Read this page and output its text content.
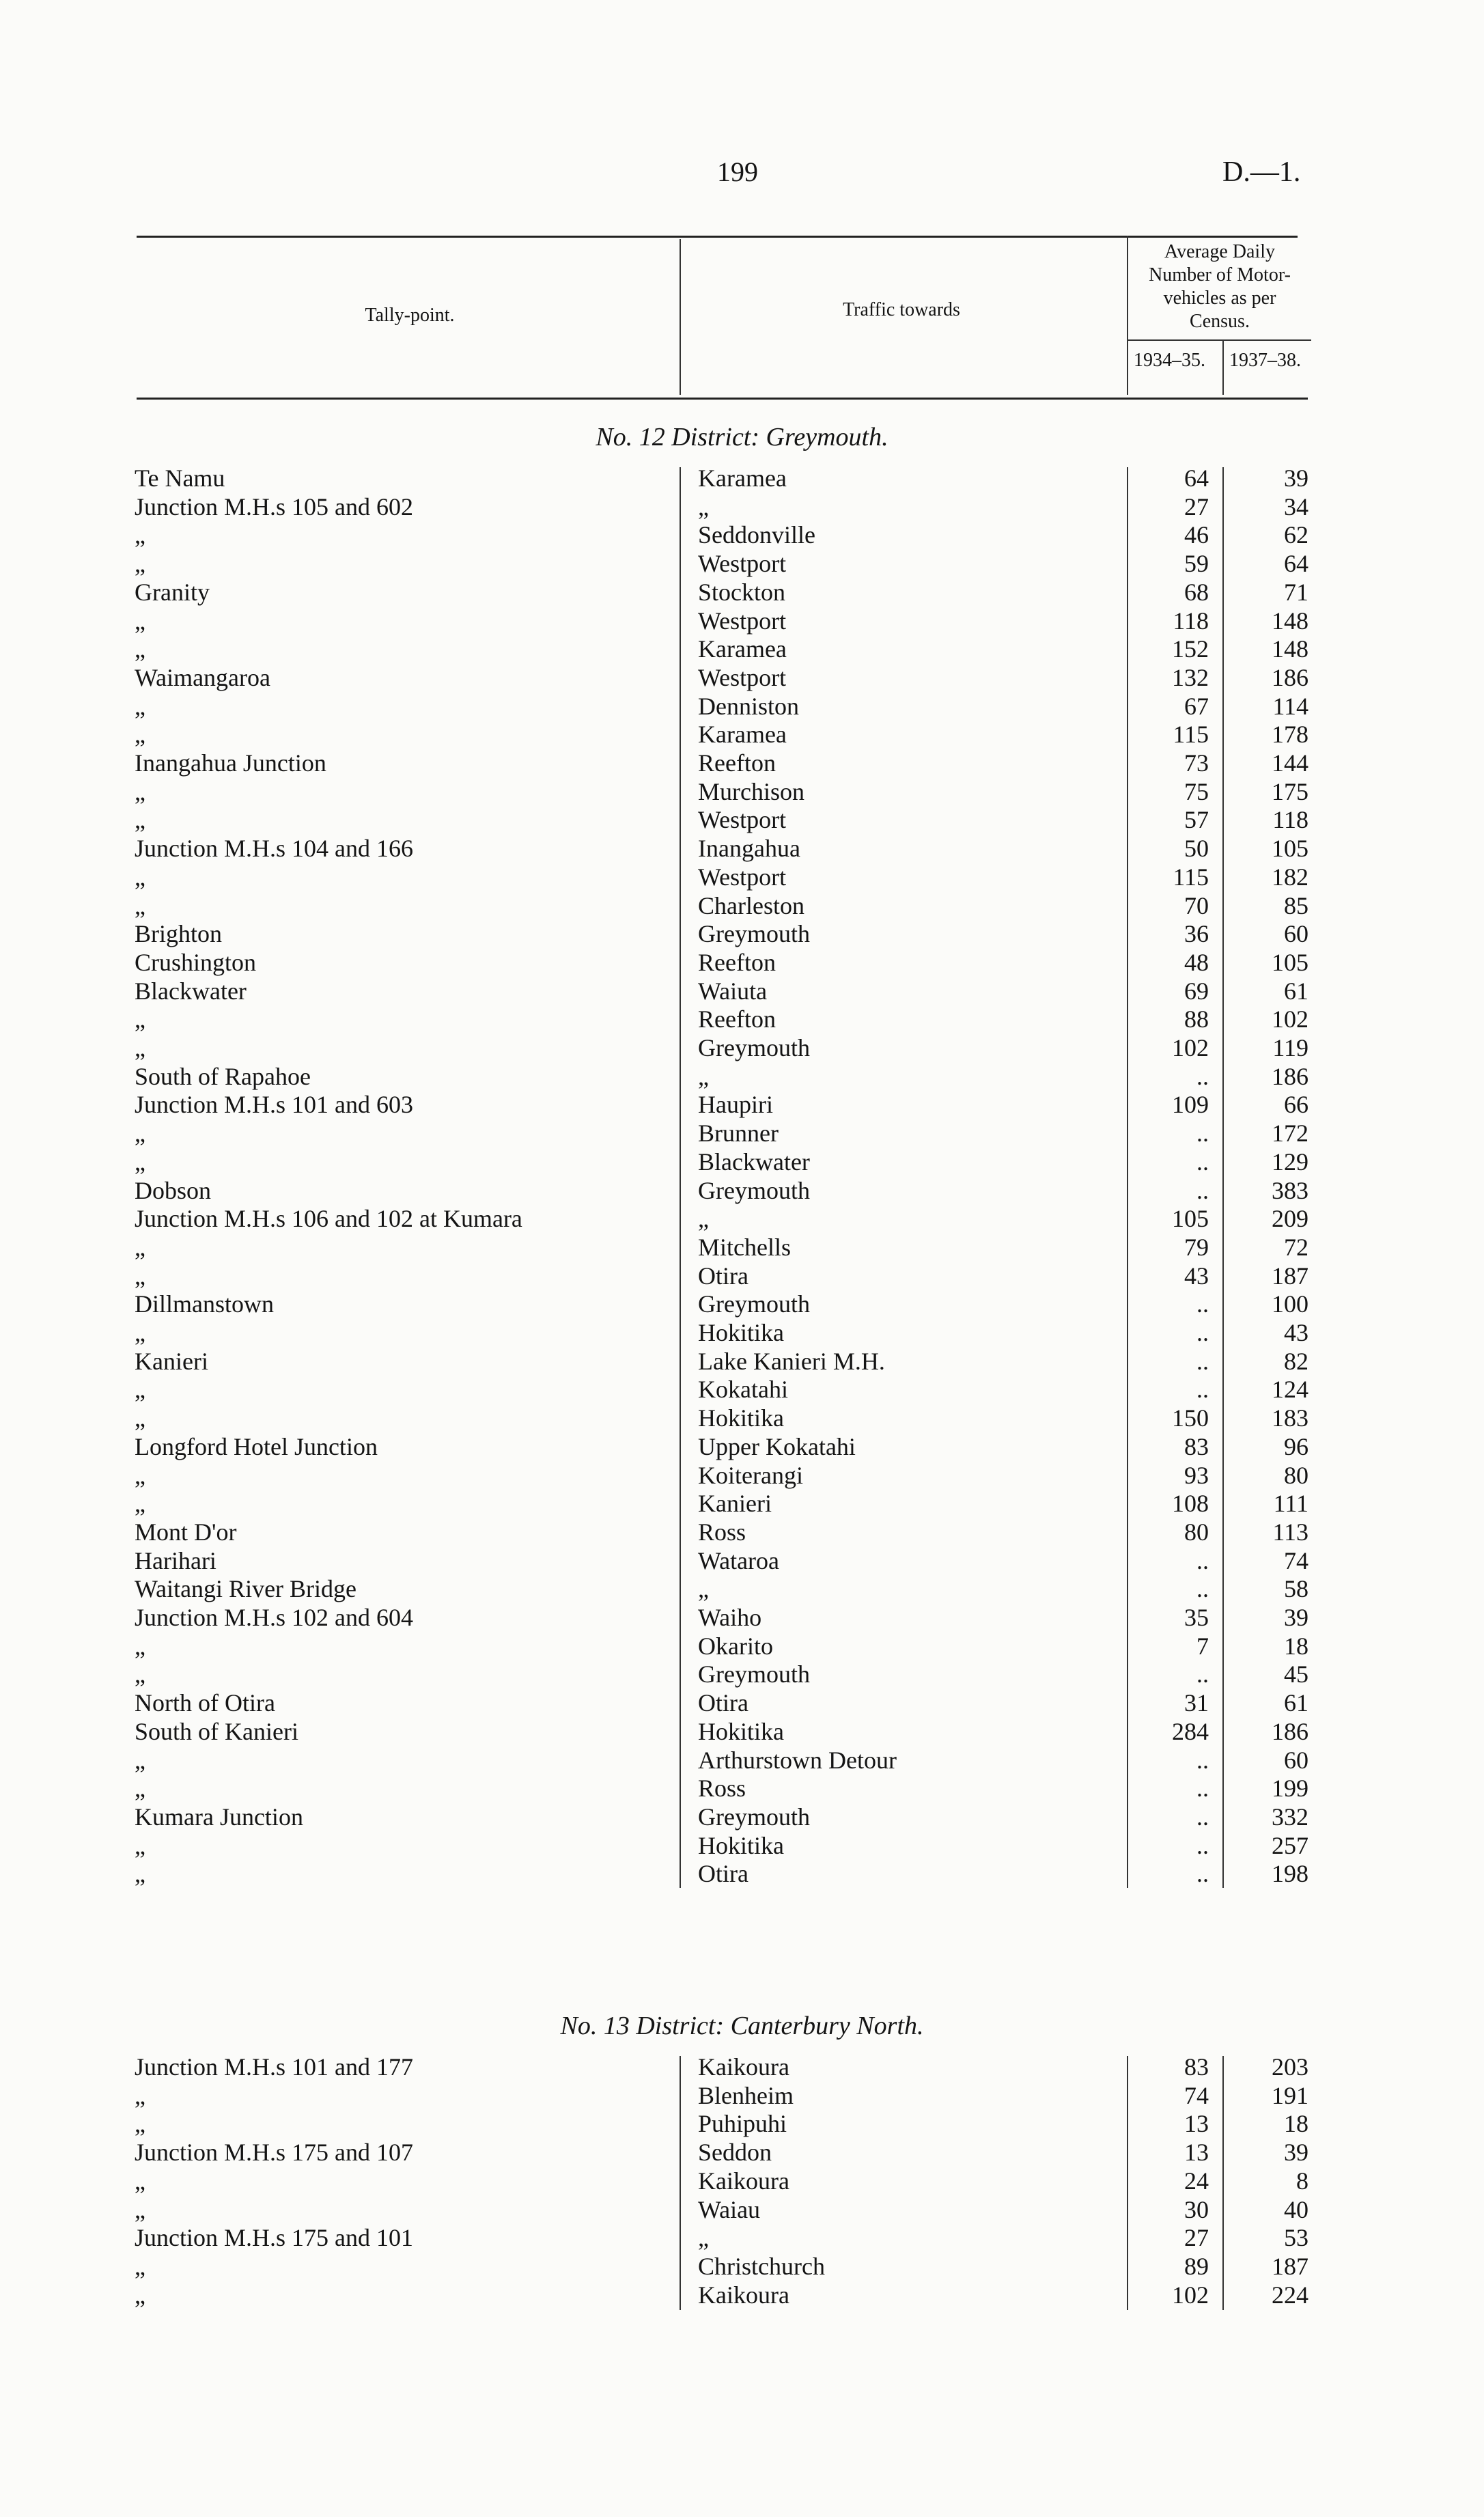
199	D.—1.
Tally-point.	Traffic towards
Average Daily
Number of Motor-
vehicles as per
Census.
1934–35. 1937–38.
No. 12 District: Greymouth.
Te Namu	Karamea	64	39
Junction M.H.s 105 and 602	„	27	34
„	Seddonville	46	62
„	Westport	59	64
Granity	Stockton	68	71
„	Westport	118	148
„	Karamea	152	148
Waimangaroa	Westport	132	186
„	Denniston	67	114
„	Karamea	115	178
Inangahua Junction	Reefton	73	144
„	Murchison	75	175
„	Westport	57	118
Junction M.H.s 104 and 166	Inangahua	50	105
„	Westport	115	182
„	Charleston	70	85
Brighton	Greymouth	36	60
Crushington	Reefton	48	105
Blackwater	Waiuta	69	61
„	Reefton	88	102
„	Greymouth	102	119
South of Rapahoe	„	..	186
Junction M.H.s 101 and 603	Haupiri	109	66
„	Brunner	..	172
„	Blackwater	..	129
Dobson	Greymouth	..	383
Junction M.H.s 106 and 102 at Kumara	„	105	209
„	Mitchells	79	72
„	Otira	43	187
Dillmanstown	Greymouth	..	100
„	Hokitika	..	43
Kanieri	Lake Kanieri M.H.	..	82
„	Kokatahi	..	124
„	Hokitika	150	183
Longford Hotel Junction	Upper Kokatahi	83	96
„	Koiterangi	93	80
„	Kanieri	108	111
Mont D'or	Ross	80	113
Harihari	Wataroa	..	74
Waitangi River Bridge	„	..	58
Junction M.H.s 102 and 604	Waiho	35	39
„	Okarito	7	18
„	Greymouth	..	45
North of Otira	Otira	31	61
South of Kanieri	Hokitika	284	186
„	Arthurstown Detour	..	60
„	Ross	..	199
Kumara Junction	Greymouth	..	332
„	Hokitika	..	257
„	Otira	..	198
No. 13 District: Canterbury North.
Junction M.H.s 101 and 177	Kaikoura	83	203
„	Blenheim	74	191
„	Puhipuhi	13	18
Junction M.H.s 175 and 107	Seddon	13	39
„	Kaikoura	24	8
„	Waiau	30	40
Junction M.H.s 175 and 101	„	27	53
„	Christchurch	89	187
„	Kaikoura	102	224
